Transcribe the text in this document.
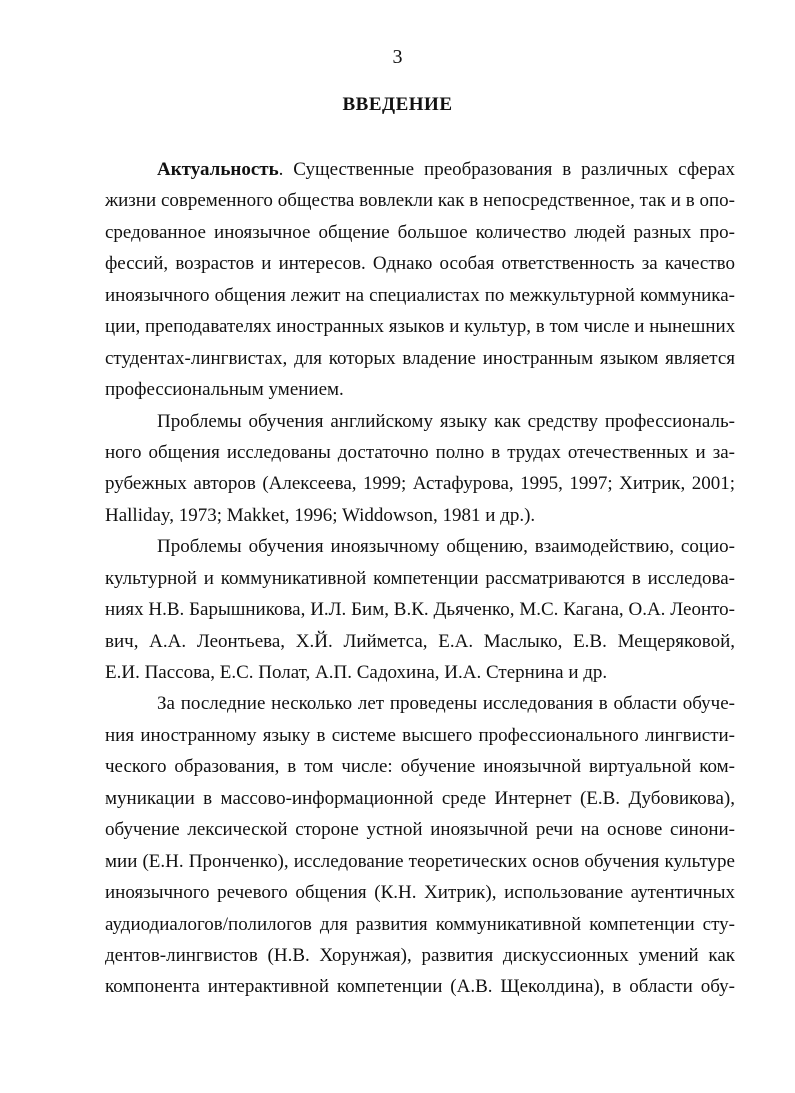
3
ВВЕДЕНИЕ
Актуальность. Существенные преобразования в различных сферах
жизни современного общества вовлекли как в непосредственное, так и в опо-
средованное иноязычное общение большое количество людей разных про-
фессий, возрастов и интересов. Однако особая ответственность за качество
иноязычного общения лежит на специалистах по межкультурной коммуника-
ции, преподавателях иностранных языков и культур, в том числе и нынешних
студентах-лингвистах, для которых владение иностранным языком является
профессиональным умением.
Проблемы обучения английскому языку как средству профессиональ-
ного общения исследованы достаточно полно в трудах отечественных и за-
рубежных авторов (Алексеева, 1999; Астафурова, 1995, 1997; Хитрик, 2001;
Halliday, 1973; Makket, 1996; Widdowson, 1981 и др.).
Проблемы обучения иноязычному общению, взаимодействию, социо-
культурной и коммуникативной компетенции рассматриваются в исследова-
ниях Н.В. Барышникова, И.Л. Бим, В.К. Дьяченко, М.С. Кагана, О.А. Леонто-
вич, А.А. Леонтьева, Х.Й. Лийметса, Е.А. Маслыко, Е.В. Мещеряковой,
Е.И. Пассова, Е.С. Полат, А.П. Садохина, И.А. Стернина и др.
За последние несколько лет проведены исследования в области обуче-
ния иностранному языку в системе высшего профессионального лингвисти-
ческого образования, в том числе: обучение иноязычной виртуальной ком-
муникации в массово-информационной среде Интернет (Е.В. Дубовикова),
обучение лексической стороне устной иноязычной речи на основе синони-
мии (Е.Н. Пронченко), исследование теоретических основ обучения культуре
иноязычного речевого общения (К.Н. Хитрик), использование аутентичных
аудиодиалогов/полилогов для развития коммуникативной компетенции сту-
дентов-лингвистов (Н.В. Хорунжая), развития дискуссионных умений как
компонента интерактивной компетенции (А.В. Щеколдина), в области обу-
